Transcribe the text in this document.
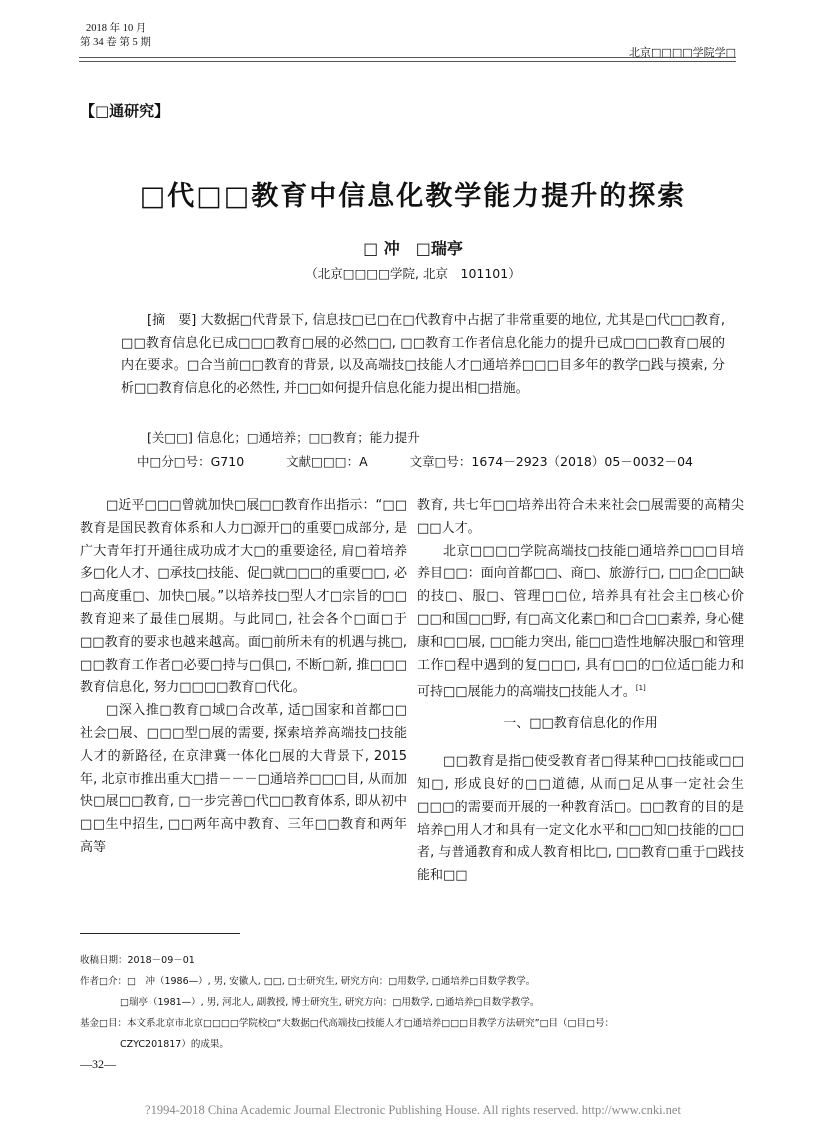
2018 年 10 月
第 34 卷 第 5 期
北京□□□□学院学□
【□通研究】
□代□□教育中信息化教学能力提升的探索
□ 冲　□瑞亭
（北京□□□□学院, 北京　101101）
[摘　要] 大数据□代背景下, 信息技□已□在□代教育中占据了非常重要的地位, 尤其是□代□□教育, □□教育信息化已成□□□教育□展的必然□□, □□教育工作者信息化能力的提升已成□□□教育□展的内在要求。□合当前□□教育的背景, 以及高端技□技能人才□通培养□□□目多年的教学□践与摸索, 分析□□教育信息化的必然性, 并□□如何提升信息化能力提出相□措施。
[关□□] 信息化；□通培养；□□教育；能力提升
中□分□号：G710	文献□□□：A	文章□号：1674－2923（2018）05－0032－04

□近平□□□曾就加快□展□□教育作出指示：“□□教育是国民教育体系和人力□源开□的重要□成部分, 是广大青年打开通往成功成才大□的重要途径, 肩□着培养多□化人才、□承技□技能、促□就□□□的重要□□, 必□高度重□、加快□展。”以培养技□型人才□宗旨的□□教育迎来了最佳□展期。与此同□, 社会各个□面□于□□教育的要求也越来越高。面□前所未有的机遇与挑□, □□教育工作者□必要□持与□俱□, 不断□新, 推□□□教育信息化, 努力□□□□教育□代化。

□深入推□教育□域□合改革, 适□国家和首都□□社会□展、□□□型□展的需要, 探索培养高端技□技能人才的新路径, 在京津冀一体化□展的大背景下, 2015 年, 北京市推出重大□措－－－□通培养□□□目, 从而加快□展□□教育, □一步完善□代□□教育体系, 即从初中□□生中招生, □□两年高中教育、三年□□教育和两年高等

教育, 共七年□□培养出符合未来社会□展需要的高精尖□□人才。

北京□□□□学院高端技□技能□通培养□□□目培养目□□：面向首都□□、商□、旅游行□, □□企□□缺的技□、服□、管理□□位, 培养具有社会主□核心价□□和国□□野, 有□高文化素□和□合□□素养, 身心健康和□□展, □□能力突出, 能□□造性地解决服□和管理工作□程中遇到的复□□□, 具有□□的□位适□能力和可持□□展能力的高端技□技能人才。[1]

一、□□教育信息化的作用

□□教育是指□使受教育者□得某种□□技能或□□知□, 形成良好的□□道德, 从而□足从事一定社会生□□□的需要而开展的一种教育活□。□□教育的目的是培养□用人才和具有一定文化水平和□□知□技能的□□者, 与普通教育和成人教育相比□, □□教育□重于□践技能和□□

收稿日期：2018－09－01
作者□介：□　冲（1986—）, 男, 安徽人, □□, □士研究生, 研究方向：□用数学, □通培养□目数学教学。
□瑞亭（1981—）, 男, 河北人, 副教授, 博士研究生, 研究方向：□用数学, □通培养□目数学教学。
基金□目：本文系北京市北京□□□□学院校□“大数据□代高端技□技能人才□通培养□□□目教学方法研究”□目（□目□号：
CZYC201817）的成果。
—32—
?1994-2018 China Academic Journal Electronic Publishing House. All rights reserved. http://www.cnki.net
